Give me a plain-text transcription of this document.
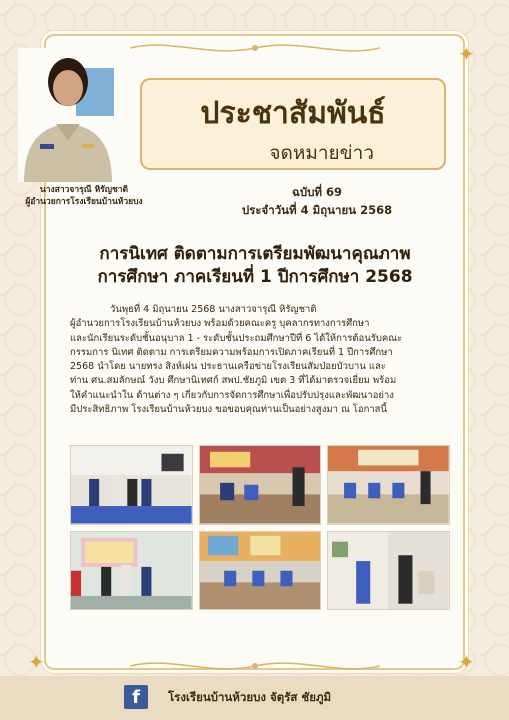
✦
✦	✦
นางสาวจารุณี หิรัญชาติ
ผู้อำนวยการโรงเรียนบ้านห้วยบง
ประชาสัมพันธ์
จดหมายข่าว
ฉบับที่ 69
ประจำวันที่ 4 มิถุนายน 2568
การนิเทศ ติดตามการเตรียมพัฒนาคุณภาพ
การศึกษา ภาคเรียนที่ 1 ปีการศึกษา 2568
วันพุธที่ 4 มิถุนายน 2568 นางสาวจารุณี หิรัญชาติ
ผู้อำนวยการโรงเรียนบ้านห้วยบง พร้อมด้วยคณะครู บุคลากรทางการศึกษา
และนักเรียนระดับชั้นอนุบาล 1 - ระดับชั้นประถมศึกษาปีที่ 6 ได้ให้การต้อนรับคณะ
กรรมการ นิเทศ ติดตาม การเตรียมความพร้อมการเปิดภาคเรียนที่ 1 ปีการศึกษา
2568 นำโดย นายทรง สิงห์เผ่น ประธานเครือข่ายโรงเรียนสัมป่อยบัวบาน และ
ท่าน ศน.สมลักษณ์ วังบ ศึกษานิเทศก์ สพป.ชัยภูมิ เขต 3 ที่ได้มาตรวจเยี่ยม พร้อม
ให้คำแนะนำใน ด้านต่าง ๆ เกี่ยวกับการจัดการศึกษาเพื่อปรับปรุงและพัฒนาอย่าง
มีประสิทธิภาพ โรงเรียนบ้านห้วยบง ขอขอบคุณท่านเป็นอย่างสูงมา ณ โอกาสนี้
f	โรงเรียนบ้านห้วยบง จัตุรัส ชัยภูมิ
